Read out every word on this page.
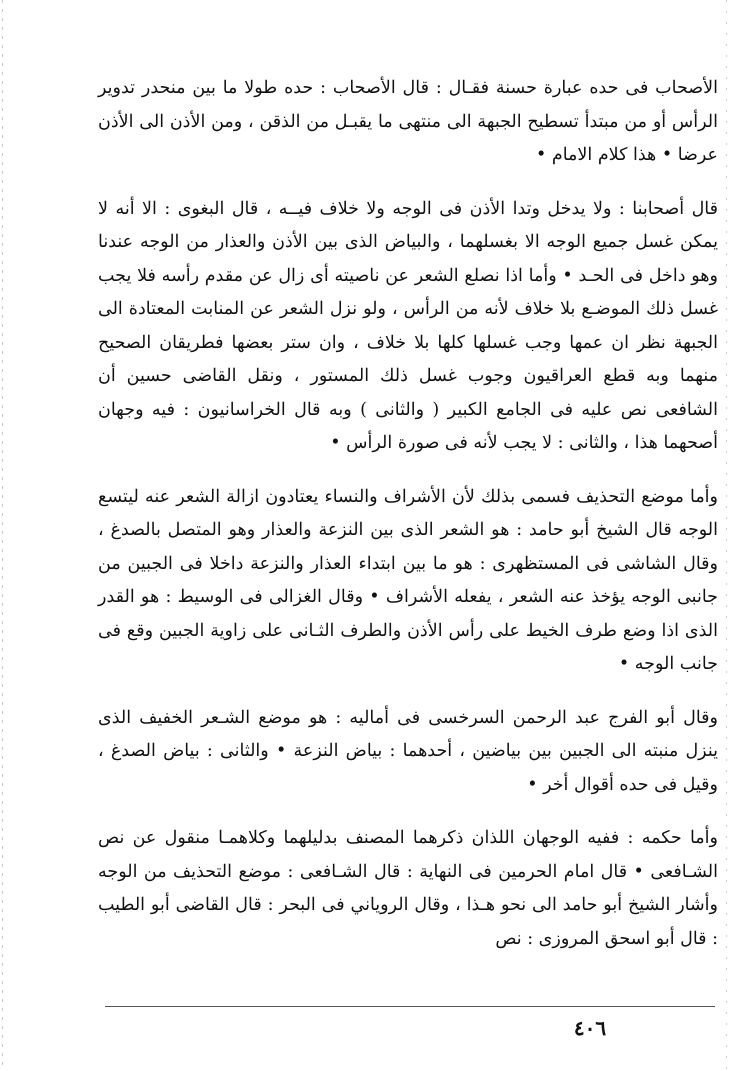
الأصحاب فى حده عبارة حسنة فقـال : قال الأصحاب : حده طولا ما بين منحدر تدوير الرأس أو من مبتدأ تسطيح الجبهة الى منتهى ما يقبـل من الذقن ، ومن الأذن الى الأذن عرضا • هذا كلام الامام •

قال أصحابنا : ولا يدخل وتدا الأذن فى الوجه ولا خلاف فيــه ، قال البغوى : الا أنه لا يمكن غسل جميع الوجه الا بغسلهما ، والبياض الذى بين الأذن والعذار من الوجه عندنا وهو داخل فى الحـد • وأما اذا نصلع الشعر عن ناصيته أى زال عن مقدم رأسه فلا يجب غسل ذلك الموضـع بلا خلاف لأنه من الرأس ، ولو نزل الشعر عن المنابت المعتادة الى الجبهة نظر ان عمها وجب غسلها كلها بلا خلاف ، وان ستر بعضها فطريقان الصحيح منهما وبه قطع العراقيون وجوب غسل ذلك المستور ، ونقل القاضى حسين أن الشافعى نص عليه فى الجامع الكبير ( والثانى ) وبه قال الخراسانيون : فيه وجهان أصحهما هذا ، والثانى : لا يجب لأنه فى صورة الرأس •

وأما موضع التحذيف فسمى بذلك لأن الأشراف والنساء يعتادون ازالة الشعر عنه ليتسع الوجه قال الشيخ أبو حامد : هو الشعر الذى بين النزعة والعذار وهو المتصل بالصدغ ، وقال الشاشى فى المستظهرى : هو ما بين ابتداء العذار والنزعة داخلا فى الجبين من جانبى الوجه يؤخذ عنه الشعر ، يفعله الأشراف • وقال الغزالى فى الوسيط : هو القدر الذى اذا وضع طرف الخيط على رأس الأذن والطرف الثـانى على زاوية الجبين وقع فى جانب الوجه •

وقال أبو الفرج عبد الرحمن السرخسى فى أماليه : هو موضع الشـعر الخفيف الذى ينزل منبته الى الجبين بين بياضين ، أحدهما : بياض النزعة • والثانى : بياض الصدغ ، وقيل فى حده أقوال أخر •

وأما حكمه : ففيه الوجهان اللذان ذكرهما المصنف بدليلهما وكلاهمـا منقول عن نص الشـافعى • قال امام الحرمين فى النهاية : قال الشـافعى : موضع التحذيف من الوجه وأشار الشيخ أبو حامد الى نحو هـذا ، وقال الروياني فى البحر : قال القاضى أبو الطيب : قال أبو اسحق المروزى : نص

٤٠٦
